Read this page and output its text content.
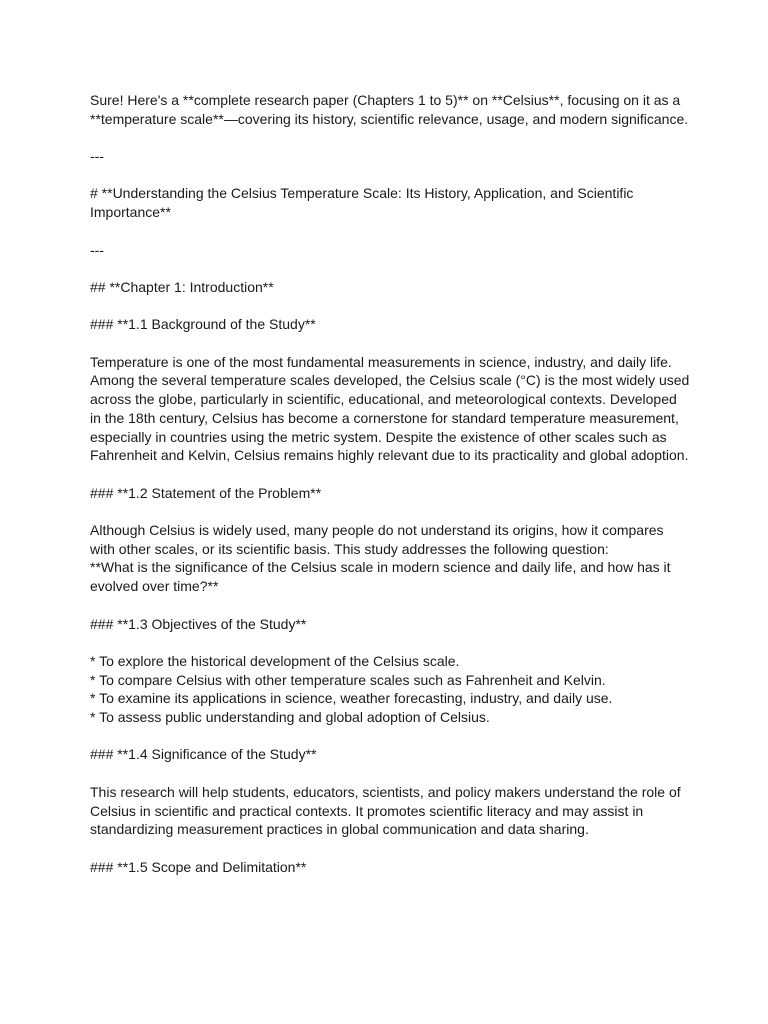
Sure! Here's a **complete research paper (Chapters 1 to 5)** on **Celsius**, focusing on it as a **temperature scale**—covering its history, scientific relevance, usage, and modern significance.

---

# **Understanding the Celsius Temperature Scale: Its History, Application, and Scientific Importance**

---

## **Chapter 1: Introduction**

### **1.1 Background of the Study**

Temperature is one of the most fundamental measurements in science, industry, and daily life. Among the several temperature scales developed, the Celsius scale (°C) is the most widely used across the globe, particularly in scientific, educational, and meteorological contexts. Developed in the 18th century, Celsius has become a cornerstone for standard temperature measurement, especially in countries using the metric system. Despite the existence of other scales such as Fahrenheit and Kelvin, Celsius remains highly relevant due to its practicality and global adoption.

### **1.2 Statement of the Problem**

Although Celsius is widely used, many people do not understand its origins, how it compares with other scales, or its scientific basis. This study addresses the following question:
**What is the significance of the Celsius scale in modern science and daily life, and how has it evolved over time?**

### **1.3 Objectives of the Study**

* To explore the historical development of the Celsius scale.
* To compare Celsius with other temperature scales such as Fahrenheit and Kelvin.
* To examine its applications in science, weather forecasting, industry, and daily use.
* To assess public understanding and global adoption of Celsius.

### **1.4 Significance of the Study**

This research will help students, educators, scientists, and policy makers understand the role of Celsius in scientific and practical contexts. It promotes scientific literacy and may assist in standardizing measurement practices in global communication and data sharing.

### **1.5 Scope and Delimitation**
